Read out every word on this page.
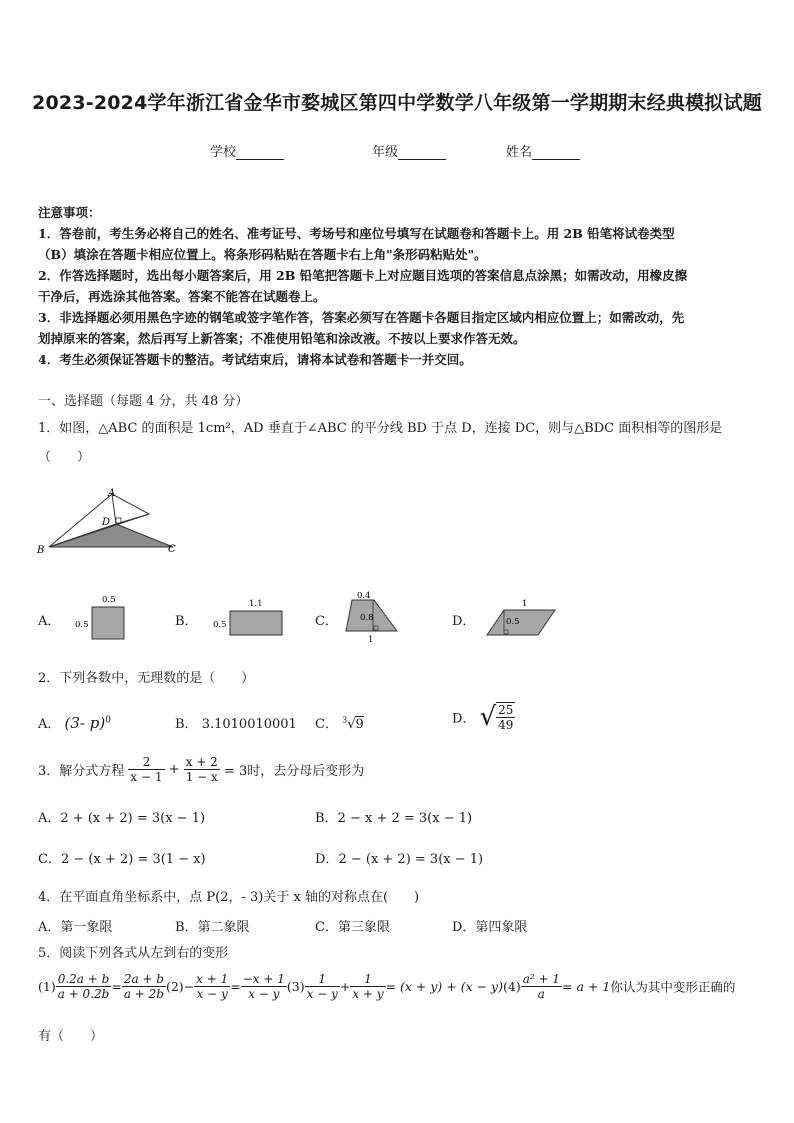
2023-2024学年浙江省金华市婺城区第四中学数学八年级第一学期期末经典模拟试题
学校	年级	姓名
注意事项：
1．答卷前，考生务必将自己的姓名、准考证号、考场号和座位号填写在试题卷和答题卡上。用 2B 铅笔将试卷类型
（B）填涂在答题卡相应位置上。将条形码粘贴在答题卡右上角"条形码粘贴处"。
2．作答选择题时，选出每小题答案后，用 2B 铅笔把答题卡上对应题目选项的答案信息点涂黑；如需改动，用橡皮擦
干净后，再选涂其他答案。答案不能答在试题卷上。
3．非选择题必须用黑色字迹的钢笔或签字笔作答，答案必须写在答题卡各题目指定区域内相应位置上；如需改动，先
划掉原来的答案，然后再写上新答案；不准使用铅笔和涂改液。不按以上要求作答无效。
4．考生必须保证答题卡的整洁。考试结束后，请将本试卷和答题卡一并交回。
一、选择题（每题 4 分，共 48 分）
1．如图，△ABC 的面积是 1cm²，AD 垂直于∠ABC 的平分线 BD 于点 D，连接 DC，则与△BDC 面积相等的图形是
（　　）
A
D
B	C
A．
0.5
0.5	B．
1.1
0.5	C．
0.4
0.8
1
D．
1
0.5
2．下列各数中，无理数的是（　　）
A． (3- p)$^0$	B． 3.1010010001 C． $^3$√9	D． √ $\frac{25}{49}$
3．解分式方程 $\frac{2}{x - 1} + \frac{x + 2}{1 - x} = 3$时，去分母后变形为
A．2 + (x + 2) = 3(x − 1)	B．2 − x + 2 = 3(x − 1)
C．2 − (x + 2) = 3(1 − x)	D．2 − (x + 2) = 3(x − 1)
4．在平面直角坐标系中，点 P(2，- 3)关于 x 轴的对称点在(　　)
A．第一象限	B．第二象限	C．第三象限	D．第四象限
5．阅读下列各式从左到右的变形
$(1) \frac{0.2a + b}{a + 0.2b} = \frac{2a + b}{a + 2b} (2)- \frac{x + 1}{x - y} = \frac{-x + 1}{x - y} (3) \frac{1}{x - y} + \frac{1}{x + y} = (x + y) + (x - y)(4) \frac{\text{a² + 1}}{a} = a + 1$你认为其中变形正确的
有（　　）
